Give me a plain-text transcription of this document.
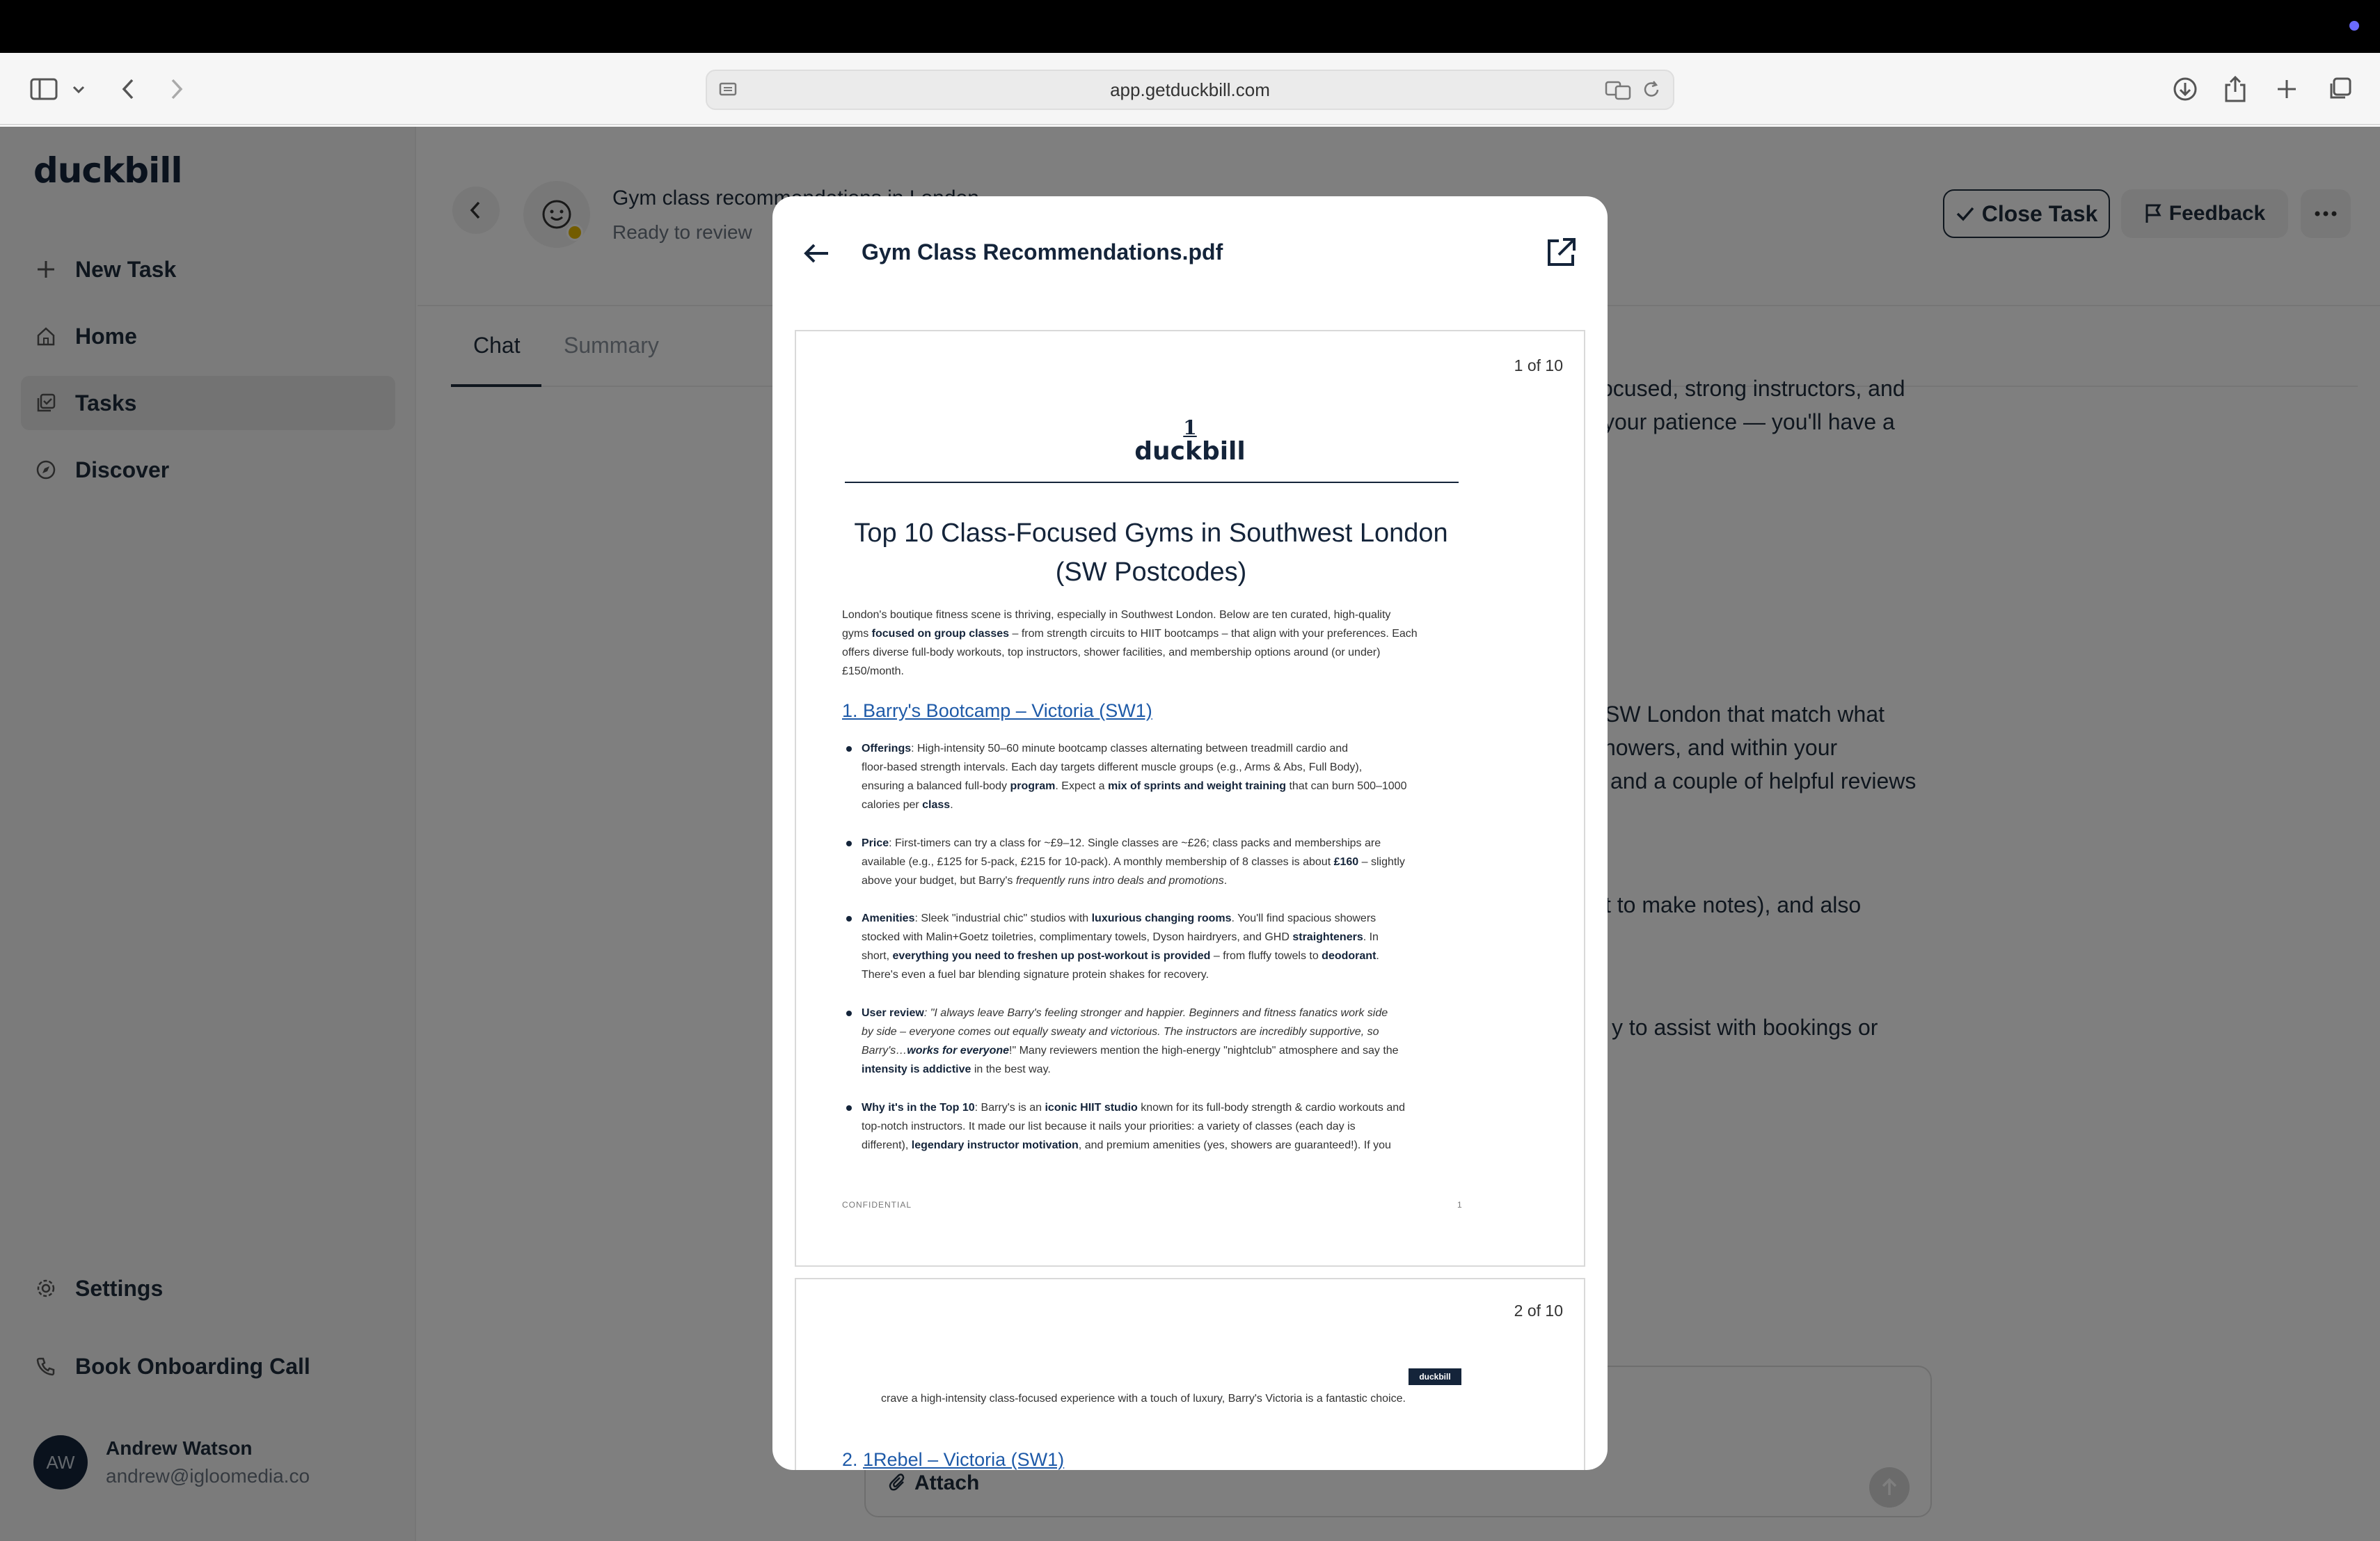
app.getduckbill.com
Gym Class Recommendations.pdf
1 of 10
1
duckbill
Top 10 Class-Focused Gyms in Southwest London
(SW Postcodes)
London's boutique fitness scene is thriving, especially in Southwest London. Below are ten curated, high-quality
gyms focused on group classes – from strength circuits to HIIT bootcamps – that align with your preferences. Each
offers diverse full-body workouts, top instructors, shower facilities, and membership options around (or under)
£150/month.
1. Barry's Bootcamp – Victoria (SW1)
Offerings: High-intensity 50–60 minute bootcamp classes alternating between treadmill cardio and
floor-based strength intervals. Each day targets different muscle groups (e.g., Arms & Abs, Full Body),
ensuring a balanced full-body program. Expect a mix of sprints and weight training that can burn 500–1000
calories per class.
Price: First-timers can try a class for ~£9–12. Single classes are ~£26; class packs and memberships are
available (e.g., £125 for 5-pack, £215 for 10-pack). A monthly membership of 8 classes is about £160 – slightly
above your budget, but Barry's frequently runs intro deals and promotions.
Amenities: Sleek "industrial chic" studios with luxurious changing rooms. You'll find spacious showers
stocked with Malin+Goetz toiletries, complimentary towels, Dyson hairdryers, and GHD straighteners. In
short, everything you need to freshen up post-workout is provided – from fluffy towels to deodorant.
There's even a fuel bar blending signature protein shakes for recovery.
User review: "I always leave Barry's feeling stronger and happier. Beginners and fitness fanatics work side
by side – everyone comes out equally sweaty and victorious. The instructors are incredibly supportive, so
Barry's…works for everyone!" Many reviewers mention the high-energy "nightclub" atmosphere and say the
intensity is addictive in the best way.
Why it's in the Top 10: Barry's is an iconic HIIT studio known for its full-body strength & cardio workouts and
top-notch instructors. It made our list because it nails your priorities: a variety of classes (each day is
different), legendary instructor motivation, and premium amenities (yes, showers are guaranteed!). If you
CONFIDENTIAL	1
2 of 10
duckbill
crave a high-intensity class-focused experience with a touch of luxury, Barry's Victoria is a fantastic choice.
2. 1Rebel – Victoria (SW1)
